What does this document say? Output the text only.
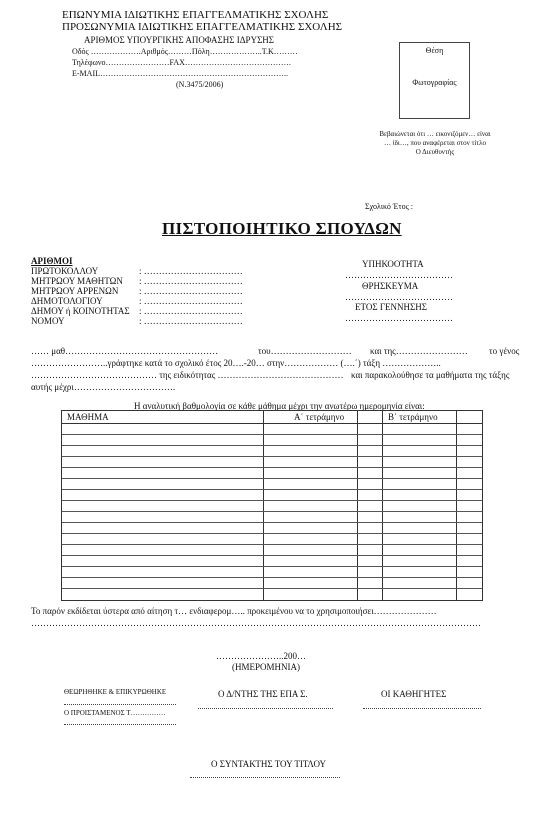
ΕΠΩΝΥΜΙΑ ΙΔΙΩΤΙΚΗΣ ΕΠΑΓΓΕΛΜΑΤΙΚΗΣ ΣΧΟΛΗΣ
ΠΡΟΣΩΝΥΜΙΑ ΙΔΙΩΤΙΚΗΣ ΕΠΑΓΓΕΛΜΑΤΙΚΗΣ ΣΧΟΛΗΣ
ΑΡΙΘΜΟΣ ΥΠΟΥΡΓΙΚΗΣ ΑΠΟΦΑΣΗΣ ΙΔΡΥΣΗΣ
Οδός ……………….Αριθμός………Πόλη………………..Τ.Κ………
Τηλέφωνο……………………FAX………………………………….
E-MAIL……………………………………………………………..
(Ν.3475/2006)
Θέση
Φωτογραφίας
Βεβαιώνεται ότι … εικονιζόμεν… είναι
… ίδι…, που αναφέρεται στον τίτλο
Ο Διευθυντής
Σχολικό Έτος :
ΠΙΣΤΟΠΟΙΗΤΙΚΟ ΣΠΟΥΔΩΝ
ΑΡΙΘΜΟΙ
ΠΡΩΤΟΚΟΛΛΟΥ	: ……………………………
ΜΗΤΡΩΟΥ ΜΑΘΗΤΩΝ : ……………………………
ΜΗΤΡΩΟΥ ΑΡΡΕΝΩΝ : ……………………………
ΔΗΜΟΤΟΛΟΓΙΟΥ	: ……………………………
ΔΗΜΟΥ ή ΚΟΙΝΟΤΗΤΑΣ : ……………………………
ΝΟΜΟΥ	: ……………………………
ΥΠΗΚΟΟΤΗΤΑ
………………………………
ΘΡΗΣΚΕΥΜΑ
………………………………
ΕΤΟΣ ΓΕΝΝΗΣΗΣ
………………………………
…… μαθ……………………………………………	του……………………… και της…………………… το γένος
……………………..γράφτηκε κατά το σχολικό έτος 20….-20… στην……………… (….΄) τάξη ………………..
…………………………………… της ειδικότητας …………………………………… και παρακολούθησε τα μαθήματα της τάξης
αυτής μέχρι…………………………….
Η αναλυτική βαθμολογία σε κάθε μάθημα μέχρι την ανωτέρω ημερομηνία είναι:
ΜΑΘΗΜΑ	Α΄ τετράμηνο	Β΄ τετράμηνο
Το παρόν εκδίδεται ύστερα από αίτηση τ… ενδιαφερομ….. προκειμένου να το χρησιμοποιήσει…………………
……………………………………………………………………………………………………………………………………
…………………..200…
(ΗΜΕΡΟΜΗΝΙΑ)
ΘΕΩΡΗΘΗΚΕ & ΕΠΙΚΥΡΩΘΗΚΕ
Ο ΠΡΟΙΣΤΑΜΕΝΟΣ Τ……………
Ο Δ/ΝΤΗΣ ΤΗΣ ΕΠΑ Σ.	ΟΙ ΚΑΘΗΓΗΤΕΣ
Ο ΣΥΝΤΑΚΤΗΣ ΤΟΥ ΤΙΤΛΟΥ
